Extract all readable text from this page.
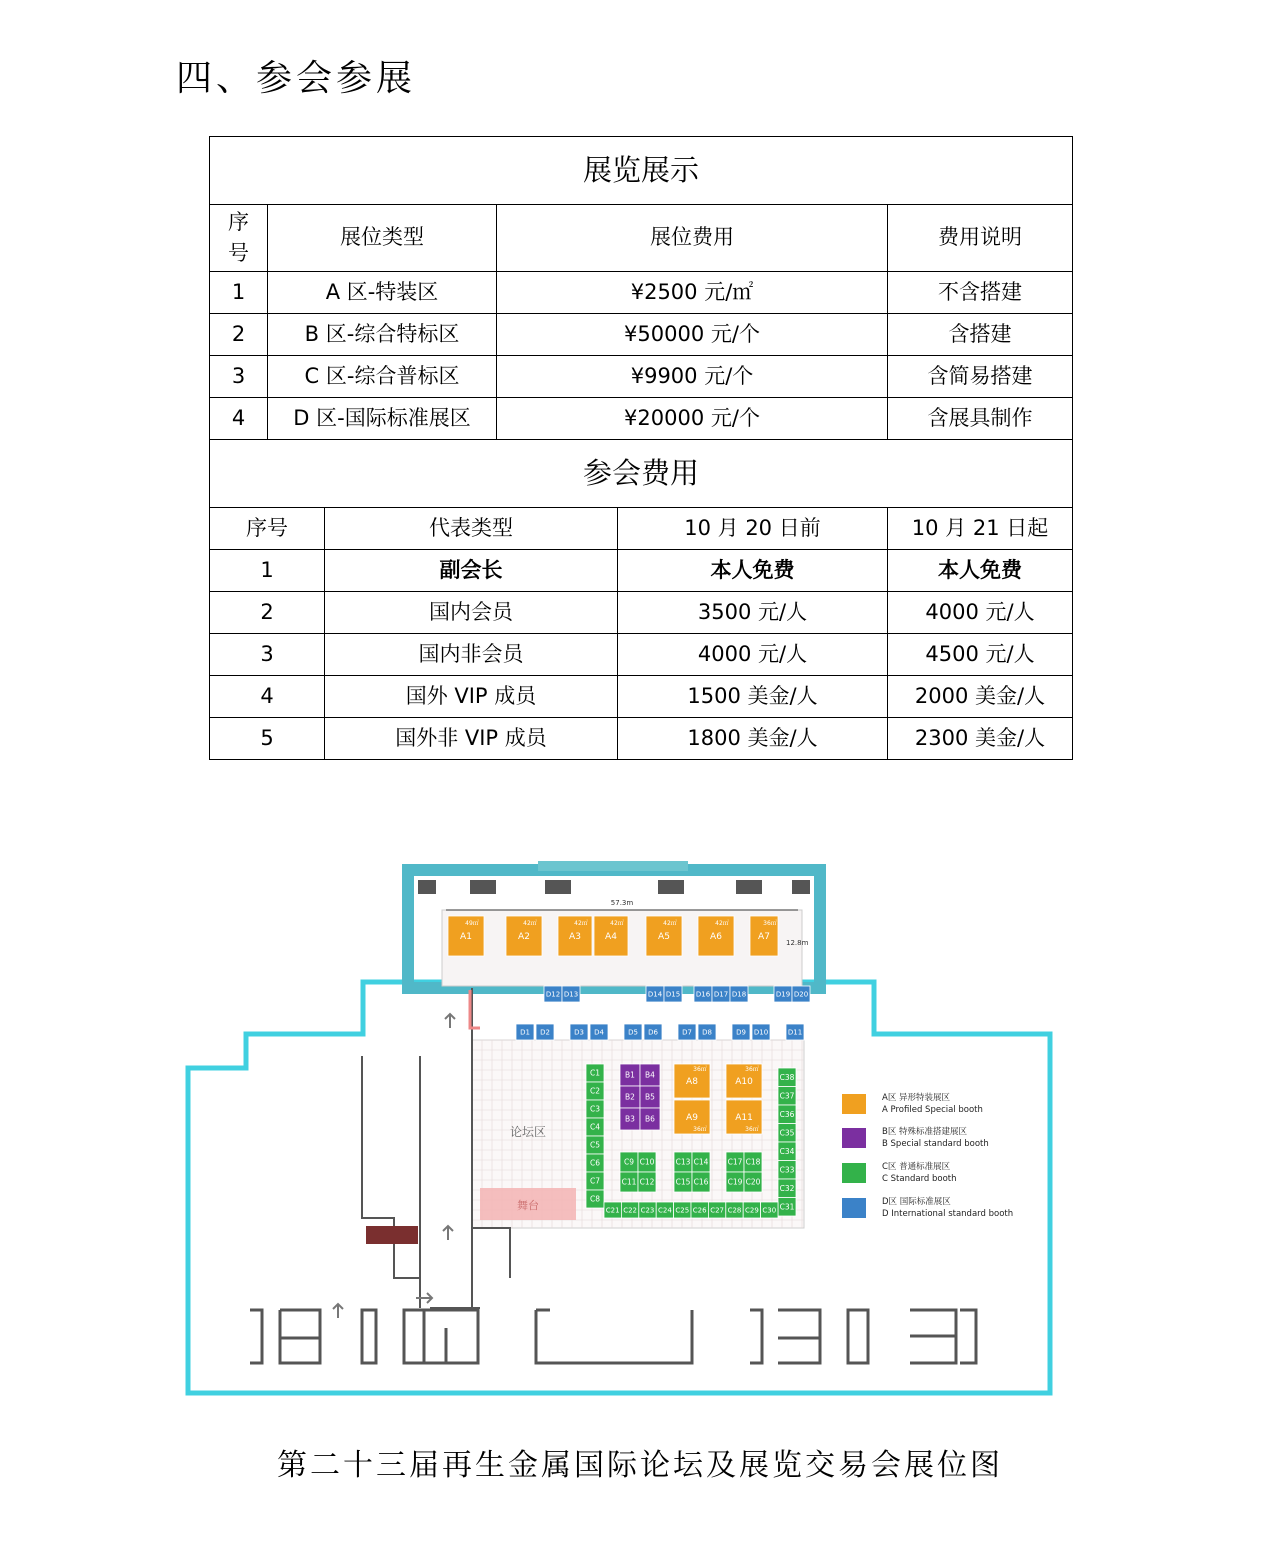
四、参会参展
展览展示					
序号	展位类型		展位费用		费用说明
1	A 区-特装区		¥2500 元/㎡		不含搭建
2	B 区-综合特标区		¥50000 元/个		含搭建
3	C 区-综合普标区		¥9900 元/个		含简易搭建
4	D 区-国际标准展区		¥20000 元/个		含展具制作
参会费用					
序号		代表类型		10 月 20 日前	10 月 21 日起
1		副会长		本人免费	本人免费
2		国内会员		3500 元/人	4000 元/人
3		国内非会员		4000 元/人	4500 元/人
4		国外 VIP 成员		1500 美金/人	2000 美金/人
5		国外非 VIP 成员		1800 美金/人	2300 美金/人
57.3m
12.8m
论坛区
舞台
A1
49㎡
A2
42㎡
A3
42㎡
A4
42㎡
A5
42㎡
A6
42㎡
A7
36㎡
A8
36㎡
A10
36㎡
A9
36㎡
A11
36㎡
B1 B4
B2 B5
B3 B6
C1
C2
C3
C4
C5
C6
C7
C8
C38
C37
C36
C35
C34
C33
C32
C31
C21 C22 C23 C24 C25 C26 C27 C28 C29 C30
C9 C10
C11 C12
C13 C14
C15 C16
C17 C18
C19 C20
D12 D13	D14 D15 D16 D17 D18	D19 D20
D1 D2	D3 D4	D5 D6	D7 D8	D9 D10	D11
A区 异形特装展区
A Profiled Special booth
B区 特殊标准搭建展区
B Special standard booth
C区 普通标准展区
C Standard booth
D区 国际标准展区
D International standard booth
第二十三届再生金属国际论坛及展览交易会展位图
